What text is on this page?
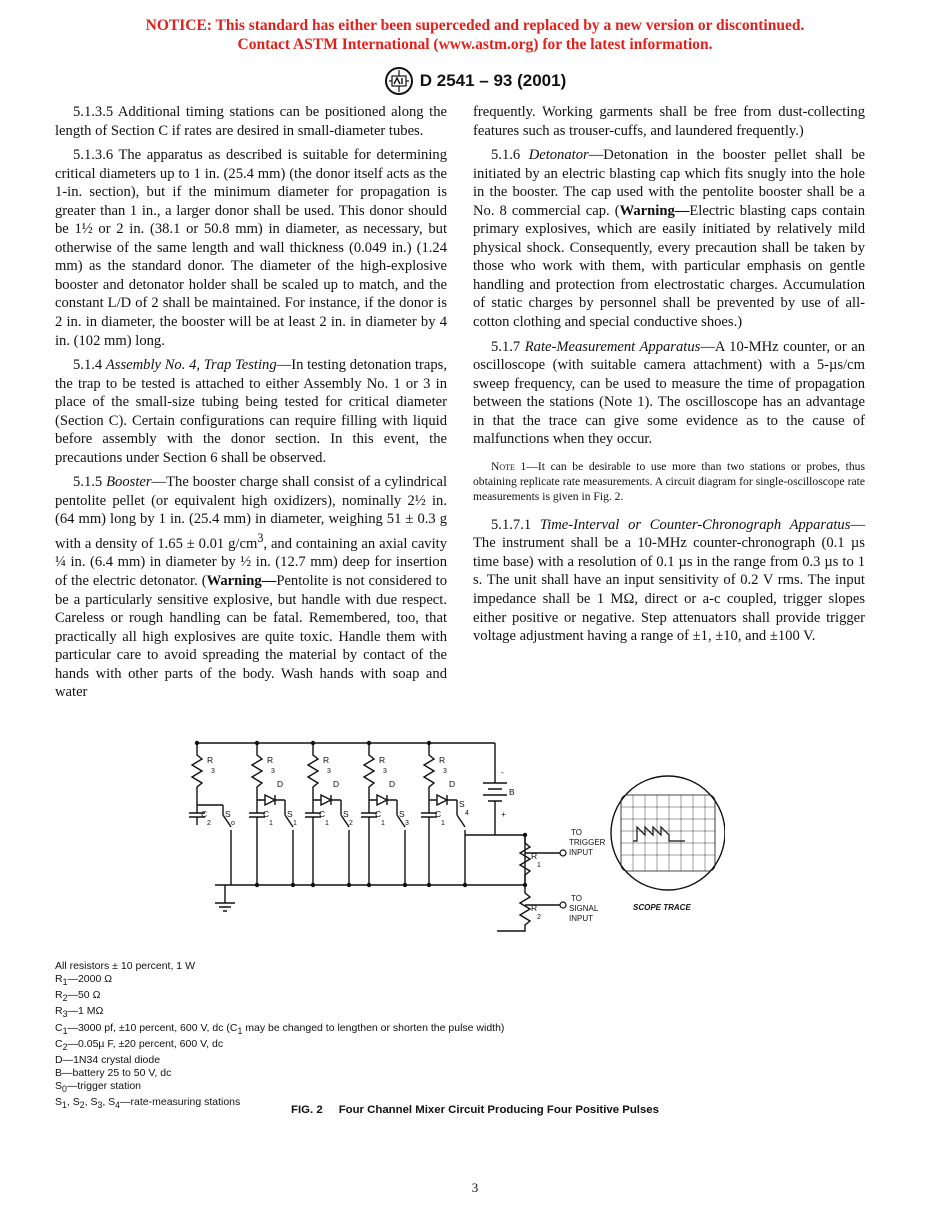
NOTICE: This standard has either been superceded and replaced by a new version or discontinued.
Contact ASTM International (www.astm.org) for the latest information.
D 2541 – 93 (2001)

5.1.3.5 Additional timing stations can be positioned along the length of Section C if rates are desired in small-diameter tubes.

5.1.3.6 The apparatus as described is suitable for determining critical diameters up to 1 in. (25.4 mm) (the donor itself acts as the 1-in. section), but if the minimum diameter for propagation is greater than 1 in., a larger donor shall be used. This donor should be 1½ or 2 in. (38.1 or 50.8 mm) in diameter, as necessary, but otherwise of the same length and wall thickness (0.049 in.) (1.24 mm) as the standard donor. The diameter of the high-explosive booster and detonator holder shall be scaled up to match, and the constant L/D of 2 shall be maintained. For instance, if the donor is 2 in. in diameter, the booster will be at least 2 in. in diameter by 4 in. (102 mm) long.

5.1.4 Assembly No. 4, Trap Testing—In testing detonation traps, the trap to be tested is attached to either Assembly No. 1 or 3 in place of the small-size tubing being tested for critical diameter (Section C). Certain configurations can require filling with liquid before assembly with the donor section. In this event, the precautions under Section 6 shall be observed.

5.1.5 Booster—The booster charge shall consist of a cylindrical pentolite pellet (or equivalent high oxidizers), nominally 2½ in. (64 mm) long by 1 in. (25.4 mm) in diameter, weighing 51 ± 0.3 g with a density of 1.65 ± 0.01 $g/cm^3$, and containing an axial cavity ¼ in. (6.4 mm) in diameter by ½ in. (12.7 mm) deep for insertion of the electric detonator. (Warning—Pentolite is not considered to be a particularly sensitive explosive, but handle with due respect. Careless or rough handling can be fatal. Remembered, too, that practically all high explosives are quite toxic. Handle them with particular care to avoid spreading the material by contact of the hands with other parts of the body. Wash hands with soap and water

frequently. Working garments shall be free from dust-collecting features such as trouser-cuffs, and laundered frequently.)

5.1.6 Detonator—Detonation in the booster pellet shall be initiated by an electric blasting cap which fits snugly into the hole in the booster. The cap used with the pentolite booster shall be a No. 8 commercial cap. (Warning—Electric blasting caps contain primary explosives, which are easily initiated by relatively mild physical shock. Consequently, every precaution shall be taken by those who work with them, with particular emphasis on gentle handling and protection from electrostatic charges. Accumulation of static charges by personnel shall be prevented by use of all-cotton clothing and special conductive shoes.)

5.1.7 Rate-Measurement Apparatus—A 10-MHz counter, or an oscilloscope (with suitable camera attachment) with a 5-µs/cm sweep frequency, can be used to measure the time of propagation between the stations (Note 1). The oscilloscope has an advantage in that the trace can give some evidence as to the cause of malfunctions when they occur.

Note 1—It can be desirable to use more than two stations or probes, thus obtaining replicate rate measurements. A circuit diagram for single-oscilloscope rate measurements is given in Fig. 2.

5.1.7.1 Time-Interval or Counter-Chronograph Apparatus—The instrument shall be a 10-MHz counter-chronograph (0.1 µs time base) with a resolution of 0.1 µs in the range from 0.3 µs to 1 s. The unit shall have an input sensitivity of 0.2 V rms. The input impedance shall be 1 MΩ, direct or a-c coupled, trigger slopes either positive or negative. Step attenuators shall provide trigger voltage adjustment having a range of ±1, ±10, and ±100 V.

R
3
R
3
R
3
R
3
R
3
D	D	D	D
C
2
S
o
C
1
C
1
C
1
C
1
S
1
S
2
S
3
S
4
-
B
+
R
1
R
2
TO
TRIGGER
INPUT
TO
SIGNAL
INPUT
SCOPE TRACE
All resistors ± 10 percent, 1 W
$R_1—2000$ Ω
$R_2—50$ Ω
$R_3—1$ MΩ
$C_1—3000$ pf, ±10 percent, 600 V, dc ($C_1$ may be changed to lengthen or shorten the pulse width)
$C_2—0.05\mu$ F, ±20 percent, 600 V, dc
D—1N34 crystal diode
B—battery 25 to 50 V, dc
$S_0—trigger$ station
$S_1$, $S_2$, $S_3$, $S_4—rate$-measuring stations
FIG. 2 Four Channel Mixer Circuit Producing Four Positive Pulses
3
